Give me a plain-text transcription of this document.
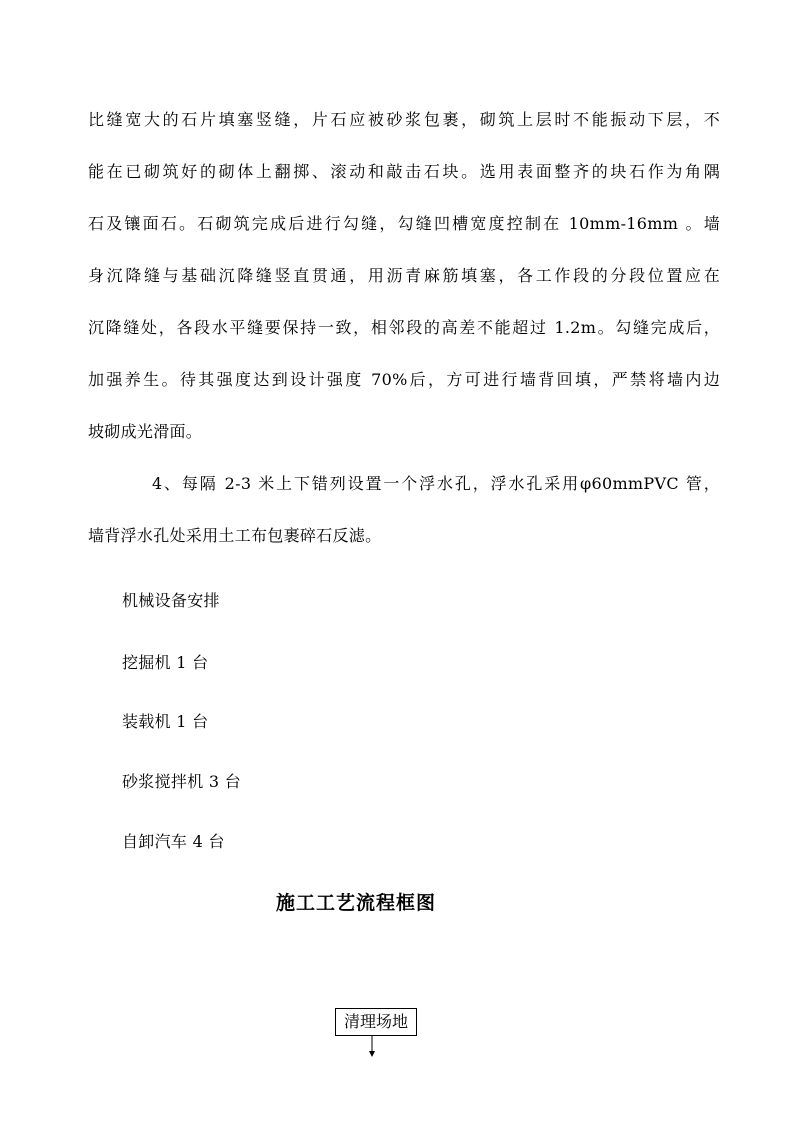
比缝宽大的石片填塞竖缝，片石应被砂浆包裹，砌筑上层时不能振动下层，不
能在已砌筑好的砌体上翻掷、滚动和敲击石块。选用表面整齐的块石作为角隅
石及镶面石。石砌筑完成后进行勾缝，勾缝凹槽宽度控制在 10mm-16mm 。墙
身沉降缝与基础沉降缝竖直贯通，用沥青麻筋填塞，各工作段的分段位置应在
沉降缝处，各段水平缝要保持一致，相邻段的高差不能超过 1.2m。勾缝完成后，
加强养生。待其强度达到设计强度 70%后，方可进行墙背回填，严禁将墙内边
坡砌成光滑面。
4、每隔 2-3 米上下错列设置一个浮水孔，浮水孔采用φ60mmPVC 管，
墙背浮水孔处采用土工布包裹碎石反滤。
机械设备安排
挖掘机 1 台
装载机 1 台
砂浆搅拌机 3 台
自卸汽车 4 台
施工工艺流程框图
清理场地
